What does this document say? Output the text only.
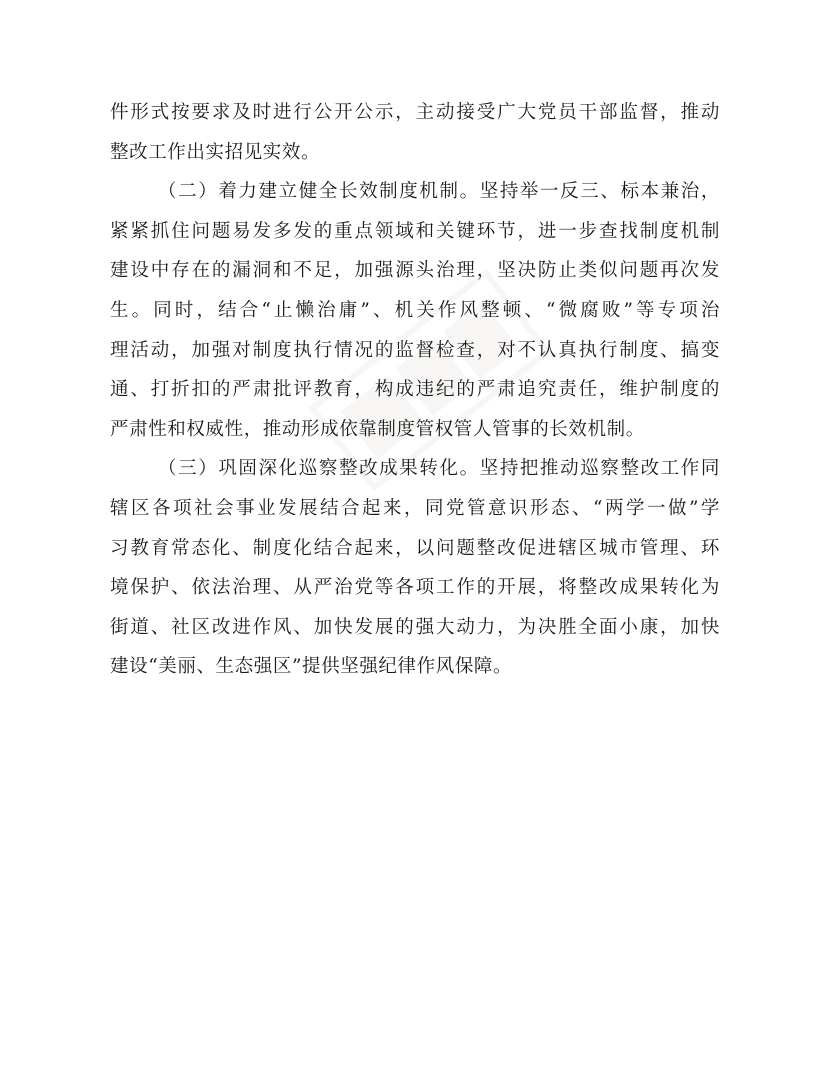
件形式按要求及时进行公开公示，主动接受广大党员干部监督，推动
整改工作出实招见实效。
（二）着力建立健全长效制度机制。坚持举一反三、标本兼治，
紧紧抓住问题易发多发的重点领域和关键环节，进一步查找制度机制
建设中存在的漏洞和不足，加强源头治理，坚决防止类似问题再次发
生。同时，结合“止懒治庸”、机关作风整顿、“微腐败”等专项治
理活动，加强对制度执行情况的监督检查，对不认真执行制度、搞变
通、打折扣的严肃批评教育，构成违纪的严肃追究责任，维护制度的
严肃性和权威性，推动形成依靠制度管权管人管事的长效机制。
（三）巩固深化巡察整改成果转化。坚持把推动巡察整改工作同
辖区各项社会事业发展结合起来，同党管意识形态、“两学一做”学
习教育常态化、制度化结合起来，以问题整改促进辖区城市管理、环
境保护、依法治理、从严治党等各项工作的开展，将整改成果转化为
街道、社区改进作风、加快发展的强大动力，为决胜全面小康，加快
建设“美丽、生态强区”提供坚强纪律作风保障。
